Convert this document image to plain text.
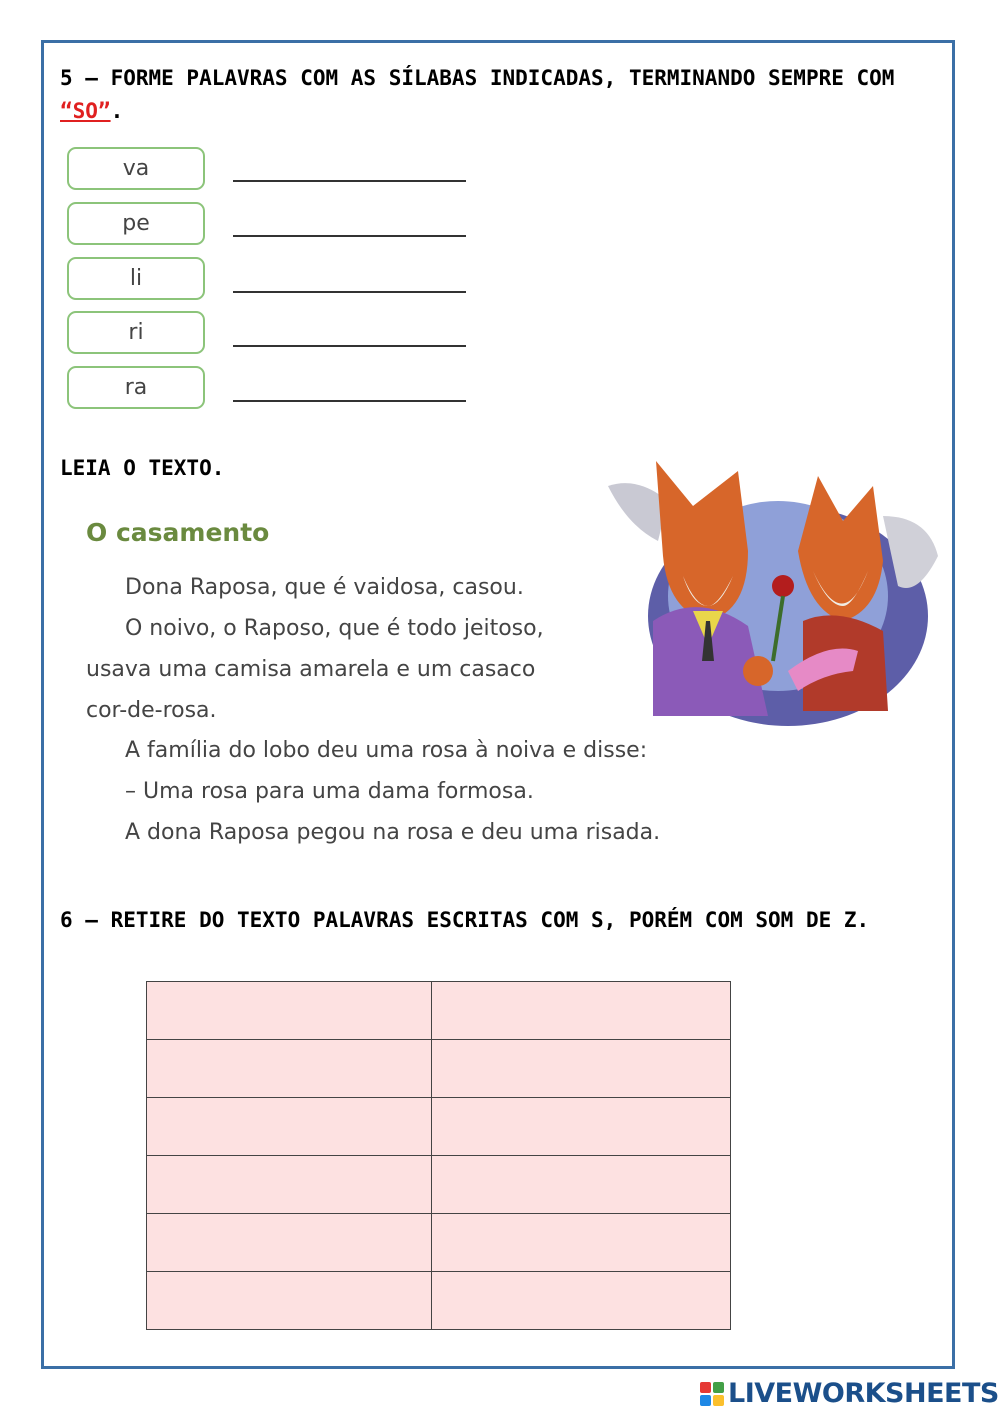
5 – FORME PALAVRAS COM AS SÍLABAS INDICADAS, TERMINANDO SEMPRE COM “SO”.
va
pe
li
ri
ra
LEIA O TEXTO.
O casamento
Dona Raposa, que é vaidosa, casou.
O noivo, o Raposo, que é todo jeitoso,
usava uma camisa amarela e um casaco
cor-de-rosa.
A família do lobo deu uma rosa à noiva e disse:
– Uma rosa para uma dama formosa.
A dona Raposa pegou na rosa e deu uma risada.
6 – RETIRE DO TEXTO PALAVRAS ESCRITAS COM S, PORÉM COM SOM DE Z.

LIVEWORKSHEETS
